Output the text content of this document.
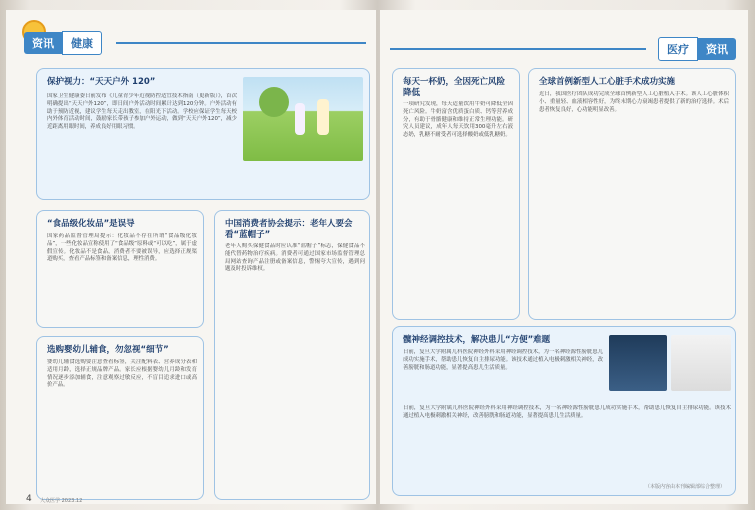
资讯	健康
保护视力：“天天户外 120”
国家卫生健康委日前发布《儿童青少年近视防控适宜技术指南（更新版）》，首次明确提出“天天户外120”，即日间户外活动时间累计达到120分钟。户外活动有助于预防近视，建议学生每天走出教室，在阳光下活动。学校应保证学生每天校内外体育活动时间，鼓励家长带孩子参加户外运动，做到“天天户外120”，减少近距离用眼时间，养成良好用眼习惯。
“食品级化妆品”是误导
国家药品监督管理局提示：化妆品不存在所谓“食品级化妆品”，一些化妆品宣称使用了“食品级”原料或“可以吃”，属于虚假宣传。化妆品不是食品，消费者不要被误导，应选择正规渠道购买，查看产品标签和备案信息，理性消费。
中国消费者协会提示：老年人要会看“蓝帽子”
老年人购买保健食品时应认准“蓝帽子”标志，保健食品不能代替药物治疗疾病。消费者可通过国家市场监督管理总局网站查询产品注册或备案信息，警惕夸大宣传，遇到问题及时投诉维权。
选购婴幼儿辅食，勿忽视“细节”
婴幼儿辅食选购要注意查看标签，关注配料表、营养成分表和适用月龄，选择正规品牌产品。家长应根据婴幼儿月龄和发育情况逐步添加辅食，注意观察过敏反应，不盲目追求进口或高价产品。
4 大众医学 2023.12
医疗	资讯
每天一杯奶，全因死亡风险降低
一项研究发现，每天适量饮用牛奶可降低全因死亡风险。牛奶富含优质蛋白质、钙等营养成分，有助于骨骼健康和维持正常生理功能。研究人员建议，成年人每天饮用300毫升左右液态奶，乳糖不耐受者可选择酸奶或低乳糖奶。
全球首例新型人工心脏手术成功实施
近日，我国医疗团队成功完成全球首例新型人工心脏植入手术。该人工心脏体积小、重量轻、血液相容性好，为终末期心力衰竭患者提供了新的治疗选择。术后患者恢复良好，心功能明显改善。
髋神经调控技术，解决患儿“方便”难题
日前，复旦大学附属儿科医院神经外科采用神经调控技术，为一名神经源性膀胱患儿成功实施手术，帮助患儿恢复自主排尿功能。该技术通过植入电极刺激相关神经，改善膀胱和肠道功能，显著提高患儿生活质量。
日前，复旦大学附属儿科医院神经外科采用神经调控技术，为一名神经源性膀胱患儿成功实施手术，帮助患儿恢复自主排尿功能。该技术通过植入电极刺激相关神经，改善膀胱和肠道功能，显著提高患儿生活质量。
（本版内容由本刊编辑部综合整理）
